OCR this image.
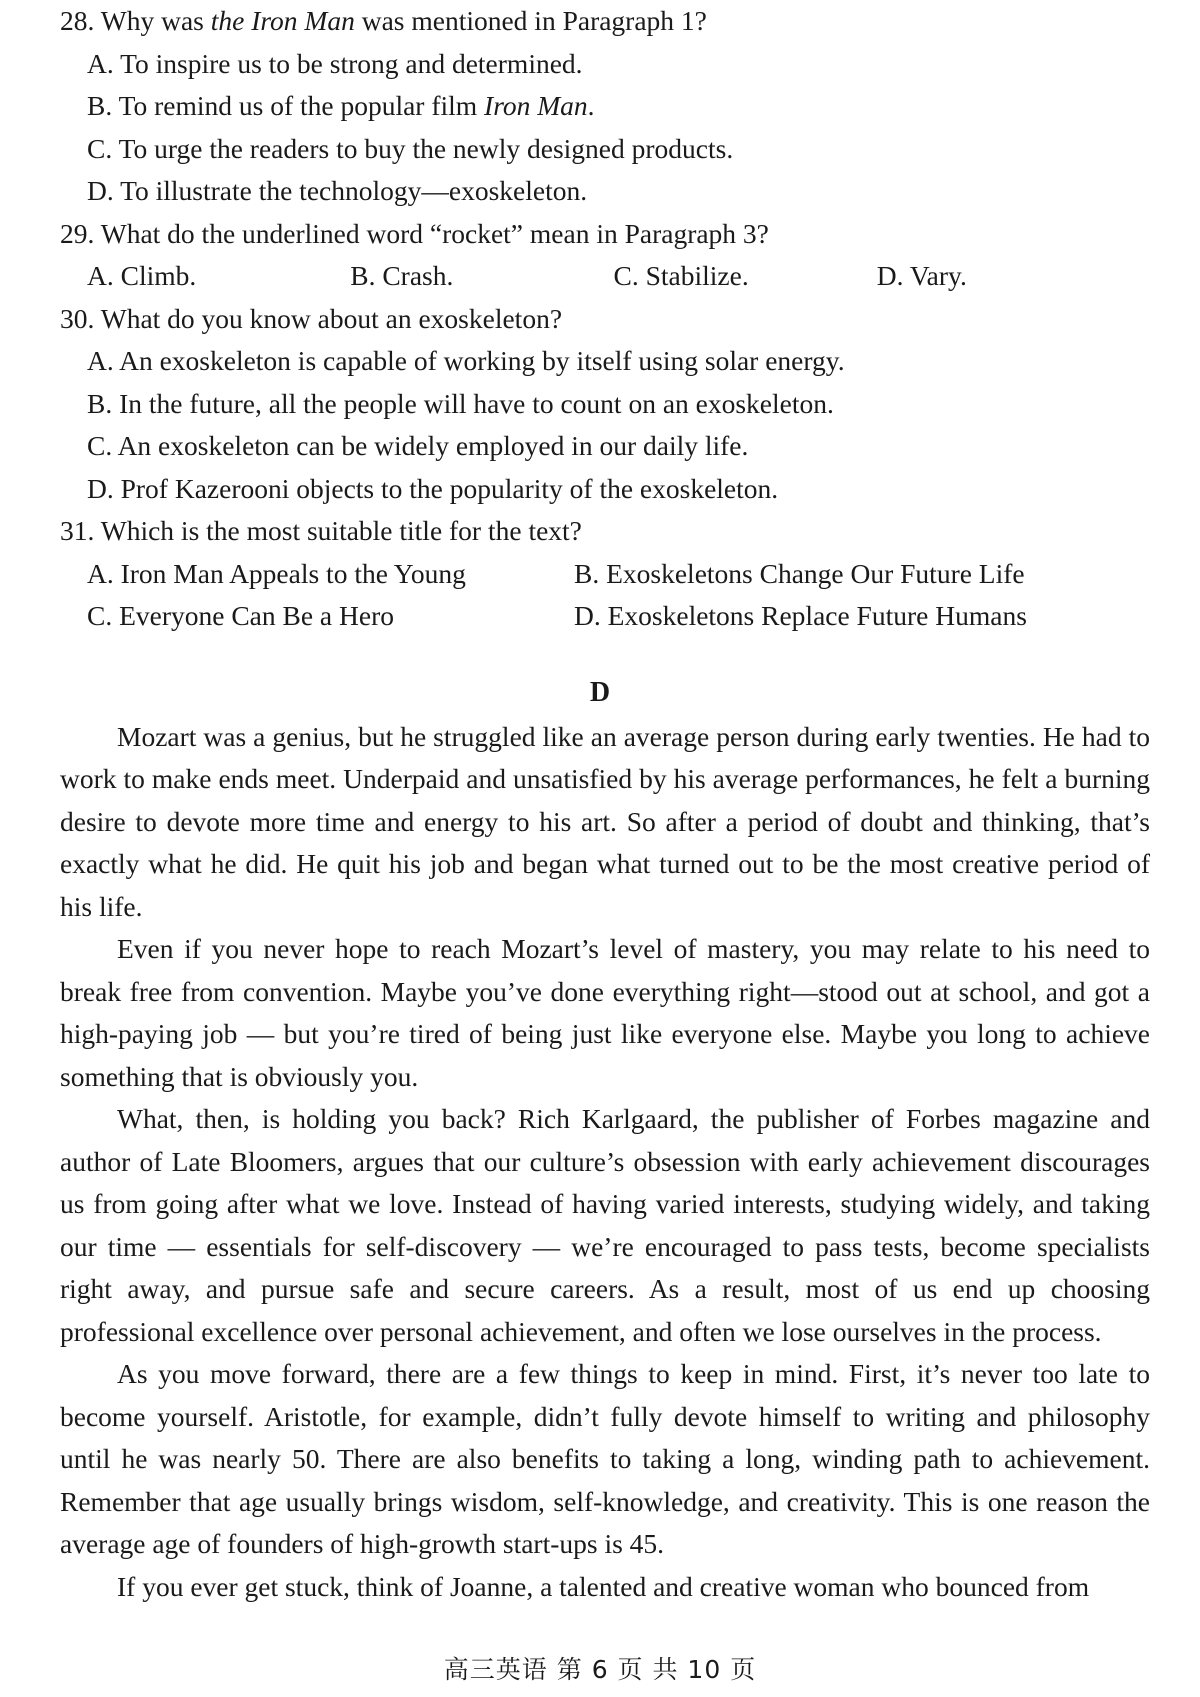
28. Why was the Iron Man was mentioned in Paragraph 1?

A. To inspire us to be strong and determined.

B. To remind us of the popular film Iron Man.

C. To urge the readers to buy the newly designed products.

D. To illustrate the technology—exoskeleton.

29. What do the underlined word “rocket” mean in Paragraph 3?

A. Climb.	B. Crash.	C. Stabilize.	D. Vary.

30. What do you know about an exoskeleton?

A. An exoskeleton is capable of working by itself using solar energy.

B. In the future, all the people will have to count on an exoskeleton.

C. An exoskeleton can be widely employed in our daily life.

D. Prof Kazerooni objects to the popularity of the exoskeleton.

31. Which is the most suitable title for the text?

A. Iron Man Appeals to the Young	B. Exoskeletons Change Our Future Life
C. Everyone Can Be a Hero	D. Exoskeletons Replace Future Humans
D

Mozart was a genius, but he struggled like an average person during early twenties. He had to work to make ends meet. Underpaid and unsatisfied by his average performances, he felt a burning desire to devote more time and energy to his art. So after a period of doubt and thinking, that’s exactly what he did. He quit his job and began what turned out to be the most creative period of his life.

Even if you never hope to reach Mozart’s level of mastery, you may relate to his need to break free from convention. Maybe you’ve done everything right—stood out at school, and got a high-paying job — but you’re tired of being just like everyone else. Maybe you long to achieve something that is obviously you.

What, then, is holding you back? Rich Karlgaard, the publisher of Forbes magazine and author of Late Bloomers, argues that our culture’s obsession with early achievement discourages us from going after what we love. Instead of having varied interests, studying widely, and taking our time — essentials for self-discovery — we’re encouraged to pass tests, become specialists right away, and pursue safe and secure careers. As a result, most of us end up choosing professional excellence over personal achievement, and often we lose ourselves in the process.

As you move forward, there are a few things to keep in mind. First, it’s never too late to become yourself. Aristotle, for example, didn’t fully devote himself to writing and philosophy until he was nearly 50. There are also benefits to taking a long, winding path to achievement. Remember that age usually brings wisdom, self-knowledge, and creativity. This is one reason the average age of founders of high-growth start-ups is 45.

If you ever get stuck, think of Joanne, a talented and creative woman who bounced from

高三英语 第 6 页 共 10 页
